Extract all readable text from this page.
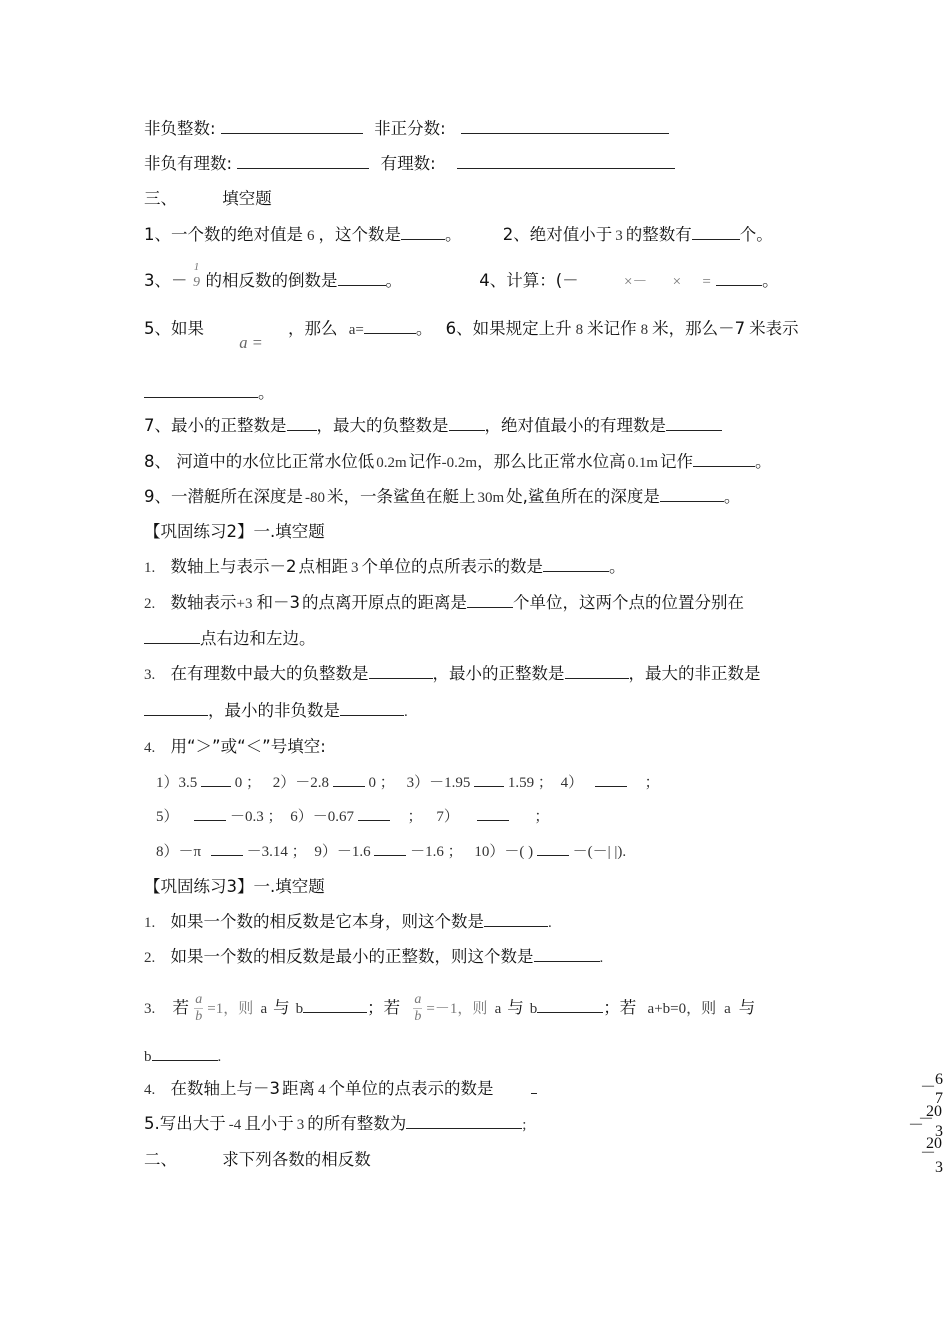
非负整数:	非正分数:
非负有理数:	有理数:
三、	填空题
1、一个数的绝对值是 6 ，这个数是	。	2、绝对值小于 3 的整数有	个。
3、－
1
9 的相反数的倒数是	。	4、计算：(－	×－ × =	。
5、如果 a = ，那么 a=	。 6、如果规定上升 8 米记作 8 米，那么－7 米表示
。
7、最小的正整数是 ，最大的负整数是 ，绝对值最小的有理数是
8、 河道中的水位比正常水位低 0.2m 记作-0.2m，那么比正常水位高 0.1m 记作	。
9、一潜艇所在深度是 -80 米，一条鲨鱼在艇上 30m 处,鲨鱼所在的深度是	。
【巩固练习2】一.填空题
1. 数轴上与表示－2 点相距 3 个单位的点所表示的数是	。
2. 数轴表示+3 和－3 的点离开原点的距离是	个单位，这两个点的位置分别在
点右边和左边。
3. 在有理数中最大的负整数是	，最小的正整数是	，最大的非正数是
，最小的非负数是	.
4. 用“＞”或“＜”号填空:
1）3.5	0 ； 2）－2.8	0 ； 3）－1.95	1.59 ； 4）	；
5）	－0.3 ； 6）－0.67	； 7）	；
8）－π	－3.14 ； 9）－1.6	－1.6 ； 10）－( )	－(－| |).
【巩固练习3】一.填空题
1. 如果一个数的相反数是它本身，则这个数是	.
2. 如果一个数的相反数是最小的正整数，则这个数是	.
3. 若 $\frac{a}{b} =1$，则 a 与 b	；若 $\frac{a}{b} =-1$，则 a 与 b	；若 a+b=0，则 a 与
b	.
4. 在数轴上与－3 距离 4 个单位的点表示的数是
5.写出大于 -4 且小于 3 的所有整数为	;
二、	求下列各数的相反数
6
－
7
20
－
3
－
20
－
3
